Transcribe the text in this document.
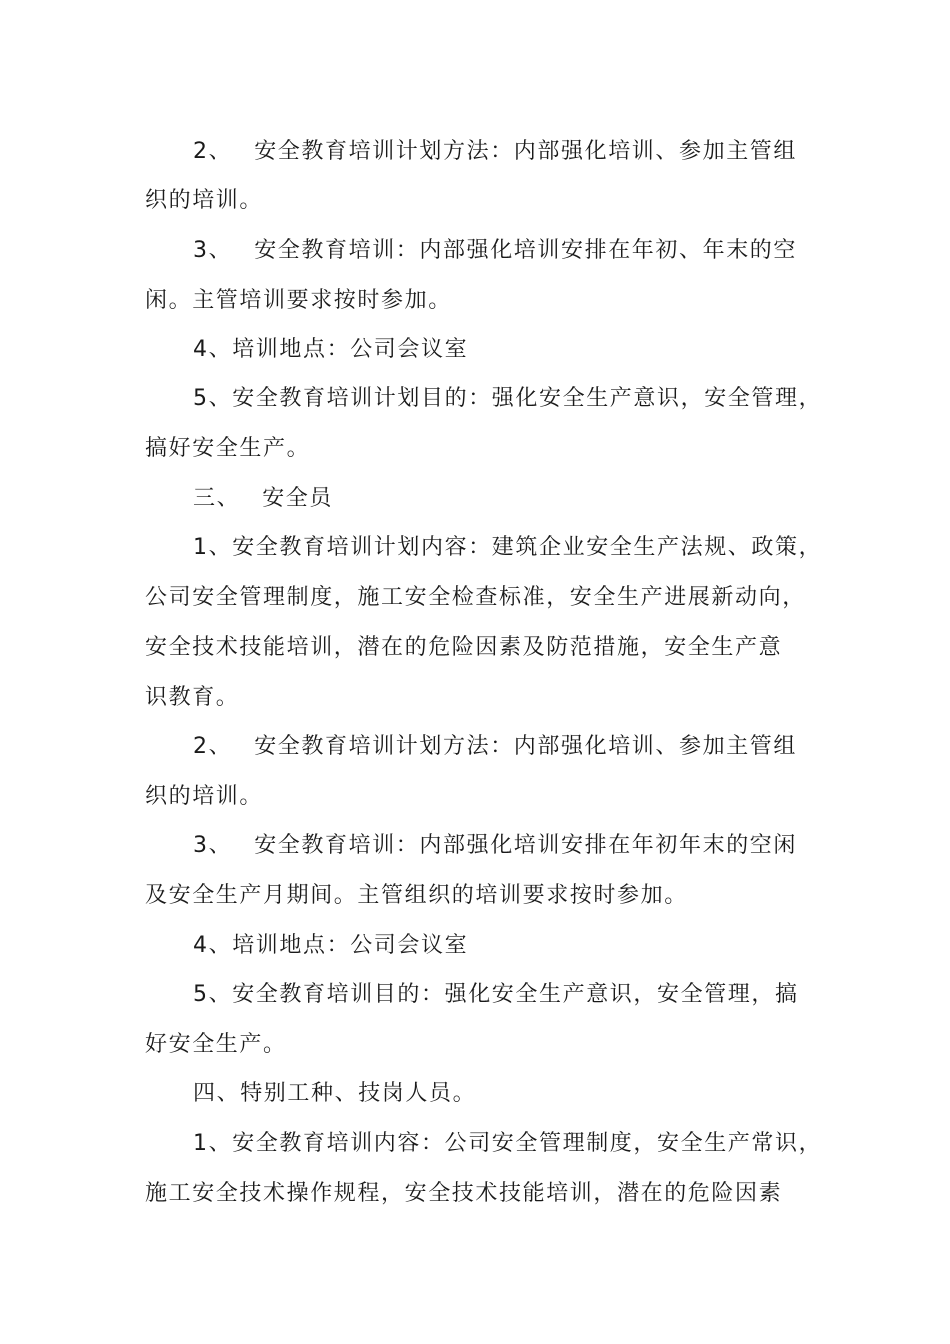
2、 安全教育培训计划方法：内部强化培训、参加主管组
织的培训。
3、 安全教育培训：内部强化培训安排在年初、年末的空
闲。主管培训要求按时参加。
4、培训地点：公司会议室
5、安全教育培训计划目的：强化安全生产意识，安全管理，
搞好安全生产。
三、 安全员
1、安全教育培训计划内容：建筑企业安全生产法规、政策，
公司安全管理制度，施工安全检查标准，安全生产进展新动向，
安全技术技能培训，潜在的危险因素及防范措施，安全生产意
识教育。
2、 安全教育培训计划方法：内部强化培训、参加主管组
织的培训。
3、 安全教育培训：内部强化培训安排在年初年末的空闲
及安全生产月期间。主管组织的培训要求按时参加。
4、培训地点：公司会议室
5、安全教育培训目的：强化安全生产意识，安全管理，搞
好安全生产。
四、特别工种、技岗人员。
1、安全教育培训内容：公司安全管理制度，安全生产常识，
施工安全技术操作规程，安全技术技能培训，潜在的危险因素
